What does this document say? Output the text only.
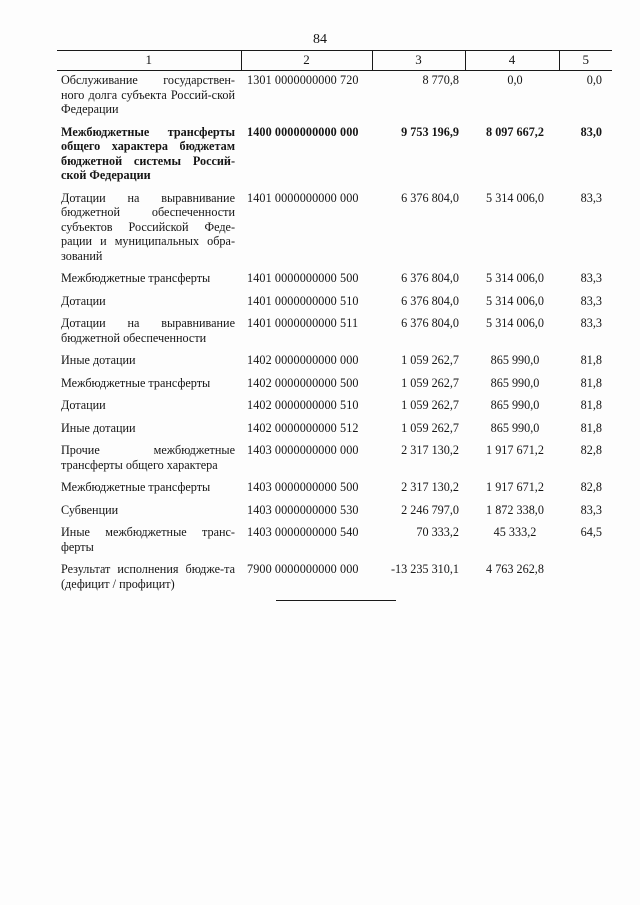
84
1	2	3	4	5
Обслуживание государствен-ного долга субъекта Россий-ской Федерации	1301 0000000000 720	8 770,8	0,0	0,0
Межбюджетные трансферты общего характера бюджетам бюджетной системы Россий-ской Федерации	1400 0000000000 000	9 753 196,9	8 097 667,2	83,0
Дотации на выравнивание бюджетной обеспеченности субъектов Российской Феде-рации и муниципальных обра-зований	1401 0000000000 000	6 376 804,0	5 314 006,0	83,3
Межбюджетные трансферты	1401 0000000000 500	6 376 804,0	5 314 006,0	83,3
Дотации	1401 0000000000 510	6 376 804,0	5 314 006,0	83,3
Дотации на выравнивание бюджетной обеспеченности	1401 0000000000 511	6 376 804,0	5 314 006,0	83,3
Иные дотации	1402 0000000000 000	1 059 262,7	865 990,0	81,8
Межбюджетные трансферты	1402 0000000000 500	1 059 262,7	865 990,0	81,8
Дотации	1402 0000000000 510	1 059 262,7	865 990,0	81,8
Иные дотации	1402 0000000000 512	1 059 262,7	865 990,0	81,8
Прочие межбюджетные трансферты общего характера	1403 0000000000 000	2 317 130,2	1 917 671,2	82,8
Межбюджетные трансферты	1403 0000000000 500	2 317 130,2	1 917 671,2	82,8
Субвенции	1403 0000000000 530	2 246 797,0	1 872 338,0	83,3
Иные межбюджетные транс-ферты	1403 0000000000 540	70 333,2	45 333,2	64,5
Результат исполнения бюдже-та (дефицит / профицит)	7900 0000000000 000	-13 235 310,1	4 763 262,8	
